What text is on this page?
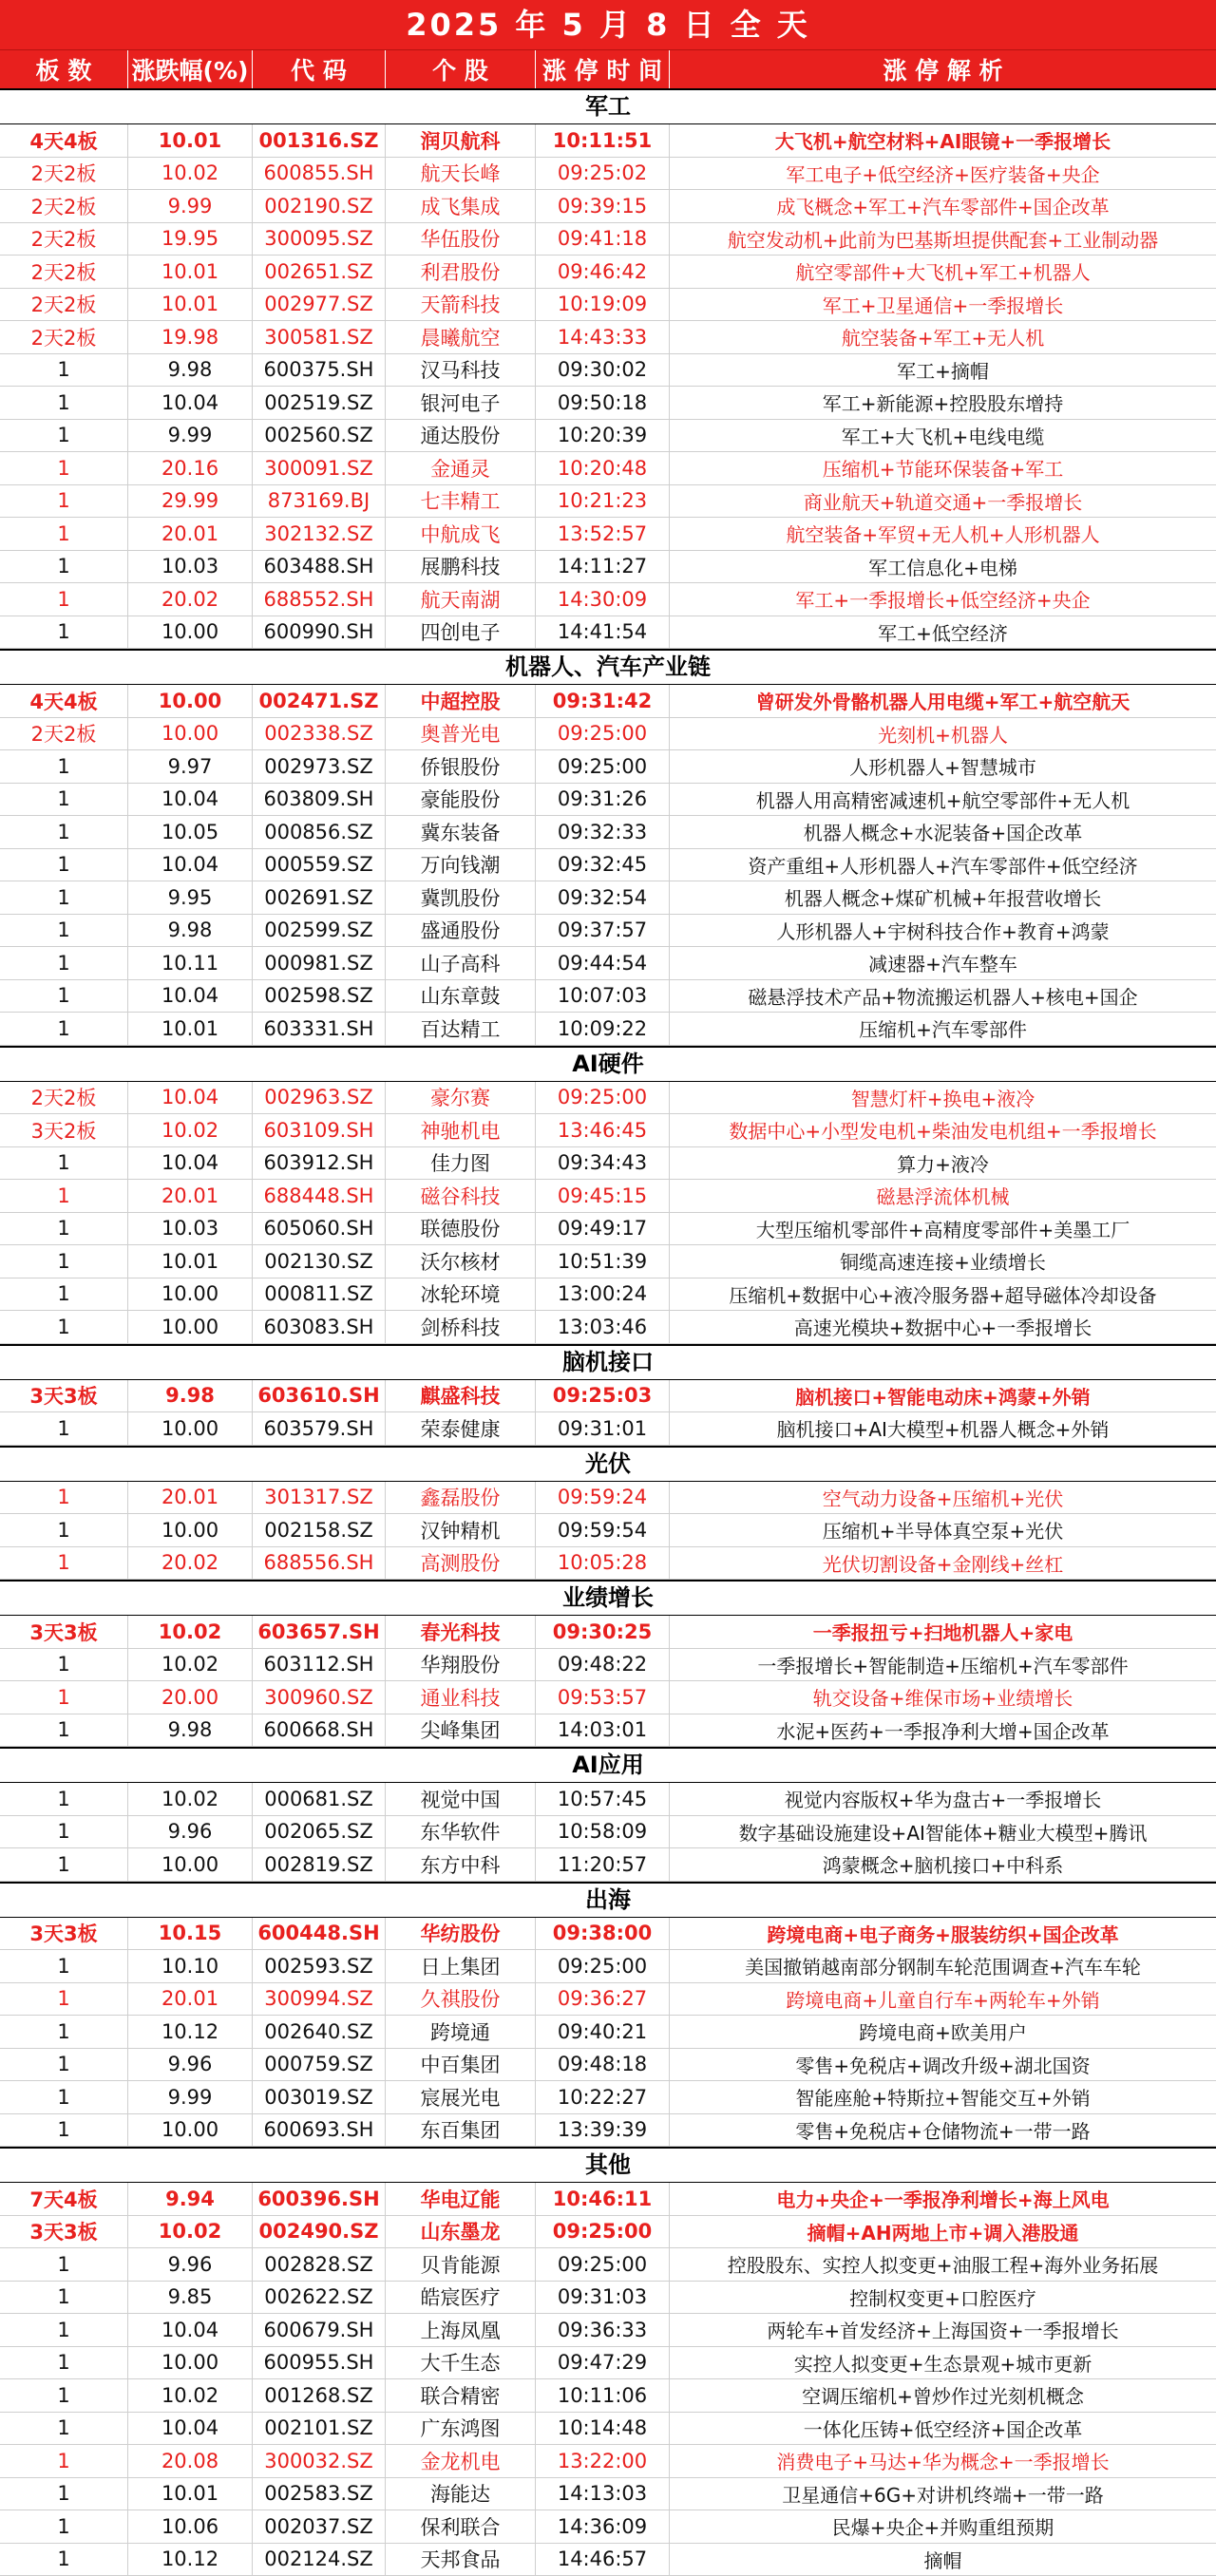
2025 年 5 月 8 日 全 天
板 数	涨跌幅(%)	代 码	个 股	涨 停 时 间	涨 停 解 析
军工
4天4板	10.01	001316.SZ	润贝航科	10:11:51	大飞机+航空材料+AI眼镜+一季报增长
2天2板	10.02	600855.SH	航天长峰	09:25:02	军工电子+低空经济+医疗装备+央企
2天2板	9.99	002190.SZ	成飞集成	09:39:15	成飞概念+军工+汽车零部件+国企改革
2天2板	19.95	300095.SZ	华伍股份	09:41:18	航空发动机+此前为巴基斯坦提供配套+工业制动器
2天2板	10.01	002651.SZ	利君股份	09:46:42	航空零部件+大飞机+军工+机器人
2天2板	10.01	002977.SZ	天箭科技	10:19:09	军工+卫星通信+一季报增长
2天2板	19.98	300581.SZ	晨曦航空	14:43:33	航空装备+军工+无人机
1	9.98	600375.SH	汉马科技	09:30:02	军工+摘帽
1	10.04	002519.SZ	银河电子	09:50:18	军工+新能源+控股股东增持
1	9.99	002560.SZ	通达股份	10:20:39	军工+大飞机+电线电缆
1	20.16	300091.SZ	金通灵	10:20:48	压缩机+节能环保装备+军工
1	29.99	873169.BJ	七丰精工	10:21:23	商业航天+轨道交通+一季报增长
1	20.01	302132.SZ	中航成飞	13:52:57	航空装备+军贸+无人机+人形机器人
1	10.03	603488.SH	展鹏科技	14:11:27	军工信息化+电梯
1	20.02	688552.SH	航天南湖	14:30:09	军工+一季报增长+低空经济+央企
1	10.00	600990.SH	四创电子	14:41:54	军工+低空经济
机器人、汽车产业链
4天4板	10.00	002471.SZ	中超控股	09:31:42	曾研发外骨骼机器人用电缆+军工+航空航天
2天2板	10.00	002338.SZ	奥普光电	09:25:00	光刻机+机器人
1	9.97	002973.SZ	侨银股份	09:25:00	人形机器人+智慧城市
1	10.04	603809.SH	豪能股份	09:31:26	机器人用高精密减速机+航空零部件+无人机
1	10.05	000856.SZ	冀东装备	09:32:33	机器人概念+水泥装备+国企改革
1	10.04	000559.SZ	万向钱潮	09:32:45	资产重组+人形机器人+汽车零部件+低空经济
1	9.95	002691.SZ	冀凯股份	09:32:54	机器人概念+煤矿机械+年报营收增长
1	9.98	002599.SZ	盛通股份	09:37:57	人形机器人+宇树科技合作+教育+鸿蒙
1	10.11	000981.SZ	山子高科	09:44:54	减速器+汽车整车
1	10.04	002598.SZ	山东章鼓	10:07:03	磁悬浮技术产品+物流搬运机器人+核电+国企
1	10.01	603331.SH	百达精工	10:09:22	压缩机+汽车零部件
AI硬件
2天2板	10.04	002963.SZ	豪尔赛	09:25:00	智慧灯杆+换电+液冷
3天2板	10.02	603109.SH	神驰机电	13:46:45	数据中心+小型发电机+柴油发电机组+一季报增长
1	10.04	603912.SH	佳力图	09:34:43	算力+液冷
1	20.01	688448.SH	磁谷科技	09:45:15	磁悬浮流体机械
1	10.03	605060.SH	联德股份	09:49:17	大型压缩机零部件+高精度零部件+美墨工厂
1	10.01	002130.SZ	沃尔核材	10:51:39	铜缆高速连接+业绩增长
1	10.00	000811.SZ	冰轮环境	13:00:24	压缩机+数据中心+液冷服务器+超导磁体冷却设备
1	10.00	603083.SH	剑桥科技	13:03:46	高速光模块+数据中心+一季报增长
脑机接口
3天3板	9.98	603610.SH	麒盛科技	09:25:03	脑机接口+智能电动床+鸿蒙+外销
1	10.00	603579.SH	荣泰健康	09:31:01	脑机接口+AI大模型+机器人概念+外销
光伏
1	20.01	301317.SZ	鑫磊股份	09:59:24	空气动力设备+压缩机+光伏
1	10.00	002158.SZ	汉钟精机	09:59:54	压缩机+半导体真空泵+光伏
1	20.02	688556.SH	高测股份	10:05:28	光伏切割设备+金刚线+丝杠
业绩增长
3天3板	10.02	603657.SH	春光科技	09:30:25	一季报扭亏+扫地机器人+家电
1	10.02	603112.SH	华翔股份	09:48:22	一季报增长+智能制造+压缩机+汽车零部件
1	20.00	300960.SZ	通业科技	09:53:57	轨交设备+维保市场+业绩增长
1	9.98	600668.SH	尖峰集团	14:03:01	水泥+医药+一季报净利大增+国企改革
AI应用
1	10.02	000681.SZ	视觉中国	10:57:45	视觉内容版权+华为盘古+一季报增长
1	9.96	002065.SZ	东华软件	10:58:09	数字基础设施建设+AI智能体+糖业大模型+腾讯
1	10.00	002819.SZ	东方中科	11:20:57	鸿蒙概念+脑机接口+中科系
出海
3天3板	10.15	600448.SH	华纺股份	09:38:00	跨境电商+电子商务+服装纺织+国企改革
1	10.10	002593.SZ	日上集团	09:25:00	美国撤销越南部分钢制车轮范围调查+汽车车轮
1	20.01	300994.SZ	久祺股份	09:36:27	跨境电商+儿童自行车+两轮车+外销
1	10.12	002640.SZ	跨境通	09:40:21	跨境电商+欧美用户
1	9.96	000759.SZ	中百集团	09:48:18	零售+免税店+调改升级+湖北国资
1	9.99	003019.SZ	宸展光电	10:22:27	智能座舱+特斯拉+智能交互+外销
1	10.00	600693.SH	东百集团	13:39:39	零售+免税店+仓储物流+一带一路
其他
7天4板	9.94	600396.SH	华电辽能	10:46:11	电力+央企+一季报净利增长+海上风电
3天3板	10.02	002490.SZ	山东墨龙	09:25:00	摘帽+AH两地上市+调入港股通
1	9.96	002828.SZ	贝肯能源	09:25:00	控股股东、实控人拟变更+油服工程+海外业务拓展
1	9.85	002622.SZ	皓宸医疗	09:31:03	控制权变更+口腔医疗
1	10.04	600679.SH	上海凤凰	09:36:33	两轮车+首发经济+上海国资+一季报增长
1	10.00	600955.SH	大千生态	09:47:29	实控人拟变更+生态景观+城市更新
1	10.02	001268.SZ	联合精密	10:11:06	空调压缩机+曾炒作过光刻机概念
1	10.04	002101.SZ	广东鸿图	10:14:48	一体化压铸+低空经济+国企改革
1	20.08	300032.SZ	金龙机电	13:22:00	消费电子+马达+华为概念+一季报增长
1	10.01	002583.SZ	海能达	14:13:03	卫星通信+6G+对讲机终端+一带一路
1	10.06	002037.SZ	保利联合	14:36:09	民爆+央企+并购重组预期
1	10.12	002124.SZ	天邦食品	14:46:57	摘帽
